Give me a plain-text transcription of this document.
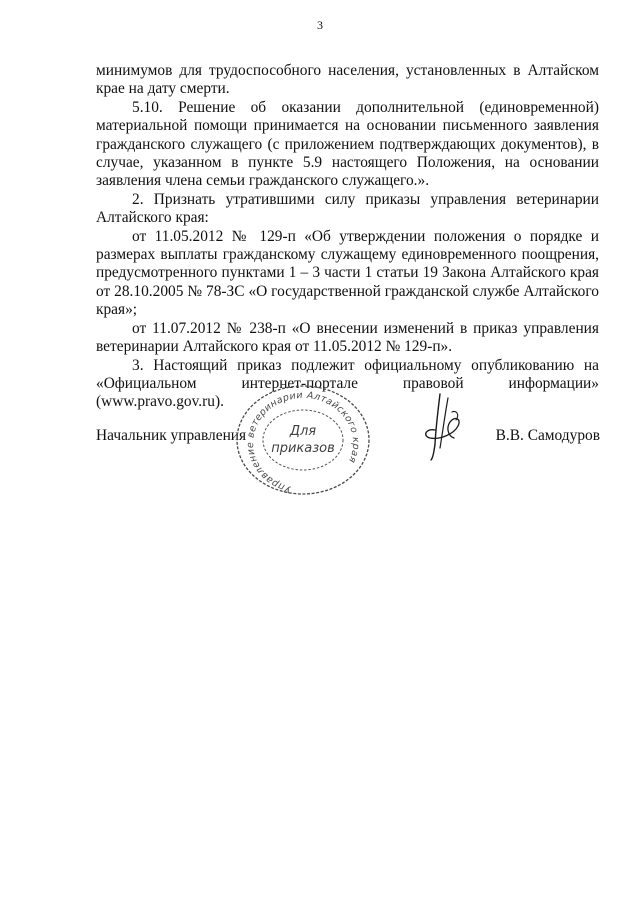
3

минимумов для трудоспособного населения, установленных в Алтайском крае на дату смерти.

5.10. Решение об оказании дополнительной (единовременной) материальной помощи принимается на основании письменного заявления гражданского служащего (с приложением подтверждающих документов), в случае, указанном в пункте 5.9 настоящего Положения, на основании заявления члена семьи гражданского служащего.».

2. Признать утратившими силу приказы управления ветеринарии Алтайского края:

от 11.05.2012 № 129-п «Об утверждении положения о порядке и размерах выплаты гражданскому служащему единовременного поощрения, предусмотренного пунктами 1 – 3 части 1 статьи 19 Закона Алтайского края от 28.10.2005 № 78-ЗС «О государственной гражданской службе Алтайского края»;

от 11.07.2012 № 238-п «О внесении изменений в приказ управления ветеринарии Алтайского края от 11.05.2012 № 129-п».

3. Настоящий приказ подлежит официальному опубликованию на «Официальном интернет-портале правовой информации» (www.pravo.gov.ru).

Начальник управления	В.В. Самодуров
Управление ветеринарии Алтайского края
Для
приказов
